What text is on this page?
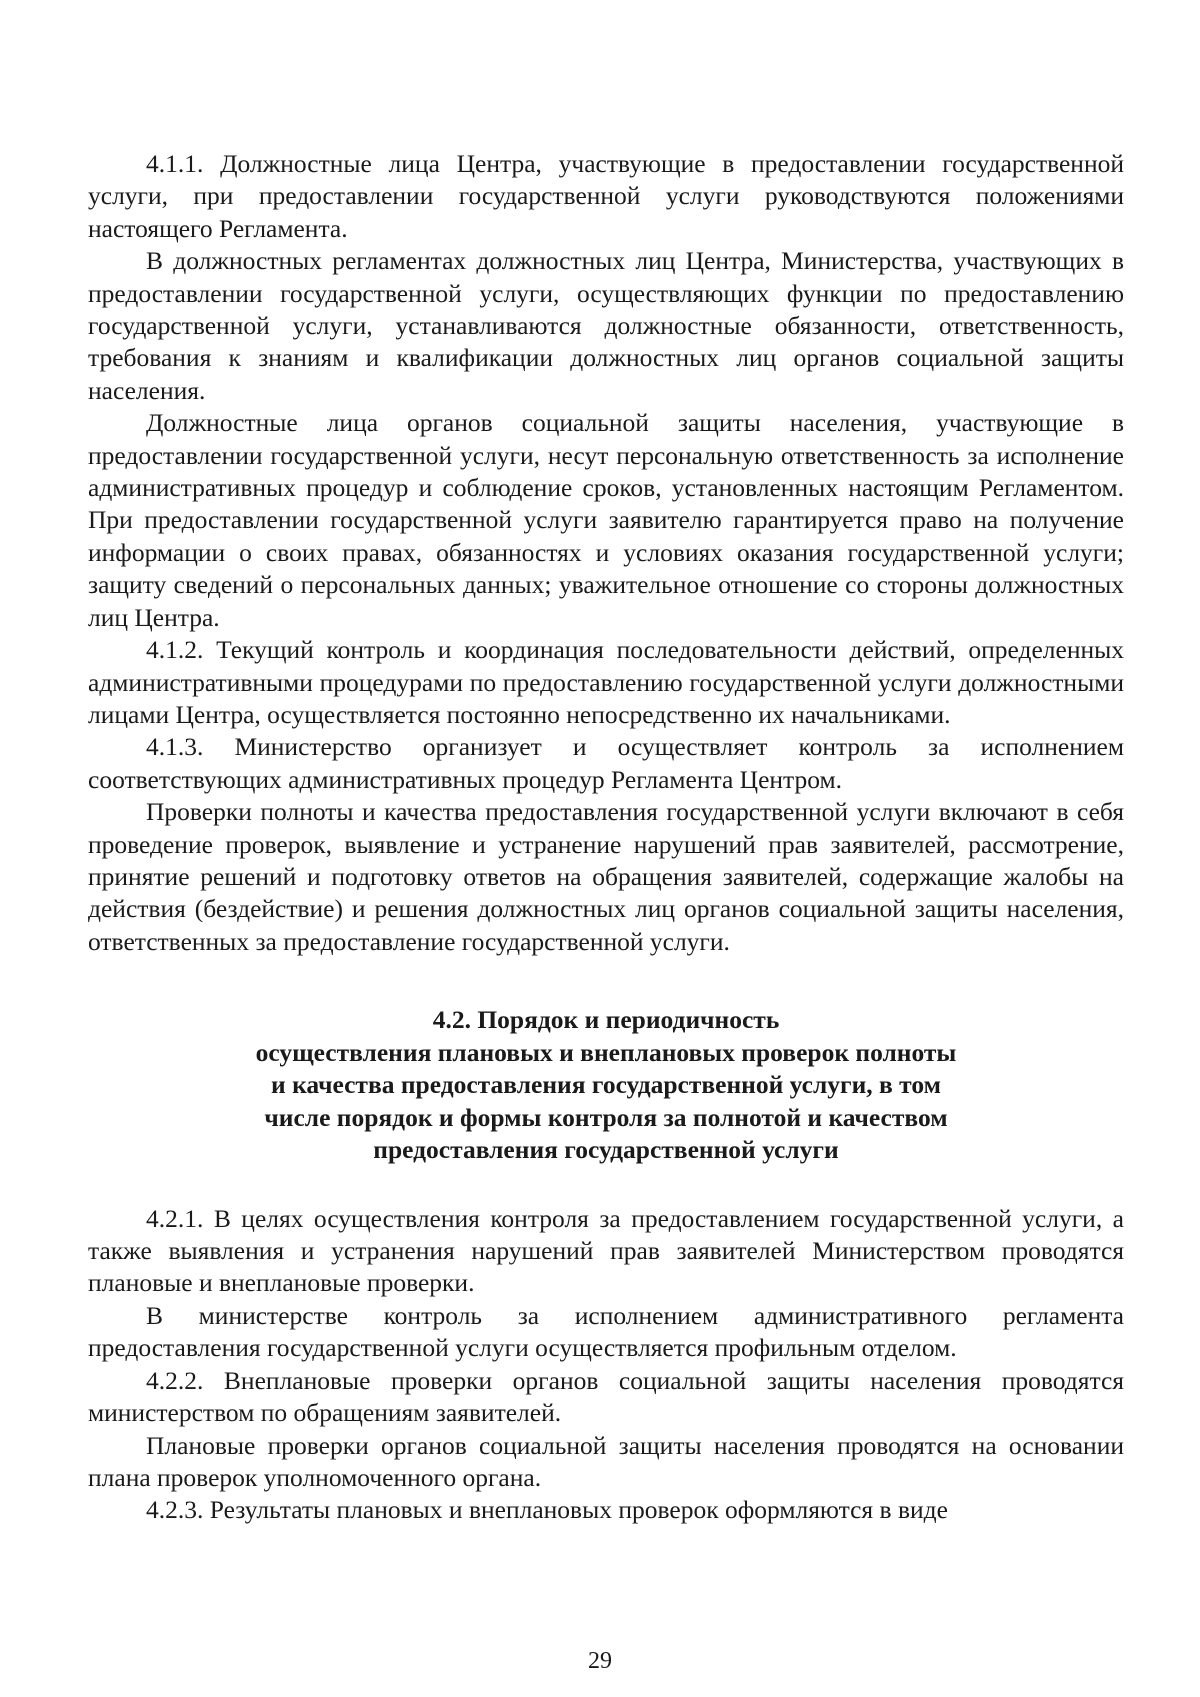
4.1.1. Должностные лица Центра, участвующие в предоставлении государственной услуги, при предоставлении государственной услуги руководствуются положениями настоящего Регламента.

В должностных регламентах должностных лиц Центра, Министерства, участвующих в предоставлении государственной услуги, осуществляющих функции по предоставлению государственной услуги, устанавливаются должностные обязанности, ответственность, требования к знаниям и квалификации должностных лиц органов социальной защиты населения.

Должностные лица органов социальной защиты населения, участвующие в предоставлении государственной услуги, несут персональную ответственность за исполнение административных процедур и соблюдение сроков, установленных настоящим Регламентом. При предоставлении государственной услуги заявителю гарантируется право на получение информации о своих правах, обязанностях и условиях оказания государственной услуги; защиту сведений о персональных данных; уважительное отношение со стороны должностных лиц Центра.

4.1.2. Текущий контроль и координация последовательности действий, определенных административными процедурами по предоставлению государственной услуги должностными лицами Центра, осуществляется постоянно непосредственно их начальниками.

4.1.3. Министерство организует и осуществляет контроль за исполнением соответствующих административных процедур Регламента Центром.

Проверки полноты и качества предоставления государственной услуги включают в себя проведение проверок, выявление и устранение нарушений прав заявителей, рассмотрение, принятие решений и подготовку ответов на обращения заявителей, содержащие жалобы на действия (бездействие) и решения должностных лиц органов социальной защиты населения, ответственных за предоставление государственной услуги.

4.2. Порядок и периодичность
осуществления плановых и внеплановых проверок полноты
и качества предоставления государственной услуги, в том
числе порядок и формы контроля за полнотой и качеством
предоставления государственной услуги

4.2.1. В целях осуществления контроля за предоставлением государственной услуги, а также выявления и устранения нарушений прав заявителей Министерством проводятся плановые и внеплановые проверки.

В министерстве контроль за исполнением административного регламента предоставления государственной услуги осуществляется профильным отделом.

4.2.2. Внеплановые проверки органов социальной защиты населения проводятся министерством по обращениям заявителей.

Плановые проверки органов социальной защиты населения проводятся на основании плана проверок уполномоченного органа.

4.2.3. Результаты плановых и внеплановых проверок оформляются в виде

29
